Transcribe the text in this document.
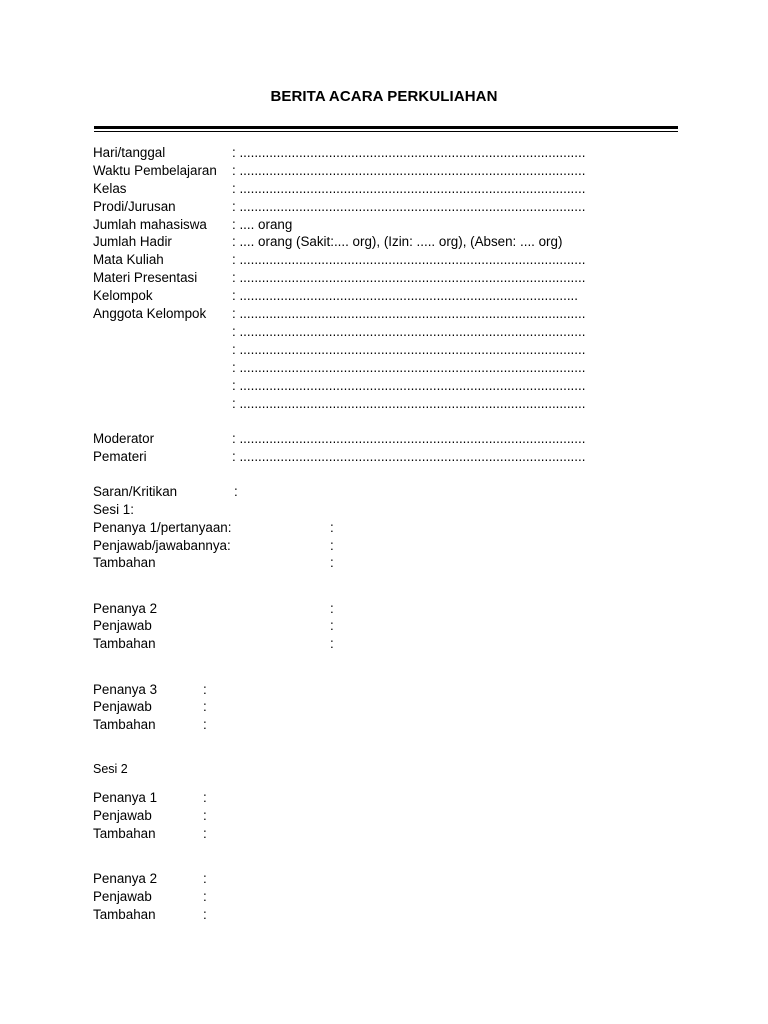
BERITA ACARA PERKULIAHAN
Hari/tanggal	: .............................................................................................
Waktu Pembelajaran : .............................................................................................
Kelas	: .............................................................................................
Prodi/Jurusan	: .............................................................................................
Jumlah mahasiswa : .... orang
Jumlah Hadir	: .... orang (Sakit:.... org), (Izin: ..... org), (Absen: .... org)
Mata Kuliah	: .............................................................................................
Materi Presentasi	: .............................................................................................
Kelompok	: ...........................................................................................
Anggota Kelompok : .............................................................................................
: .............................................................................................
: .............................................................................................
: .............................................................................................
: .............................................................................................
: .............................................................................................
Moderator	: .............................................................................................
Pemateri	: .............................................................................................
Saran/Kritikan	:
Sesi 1:
Penanya 1/pertanyaan:	:
Penjawab/jawabannya:	:
Tambahan	:
Penanya 2	:
Penjawab	:
Tambahan	:
Penanya 3	:
Penjawab	:
Tambahan	:
Sesi 2
Penanya 1	:
Penjawab	:
Tambahan	:
Penanya 2	:
Penjawab	:
Tambahan	:
